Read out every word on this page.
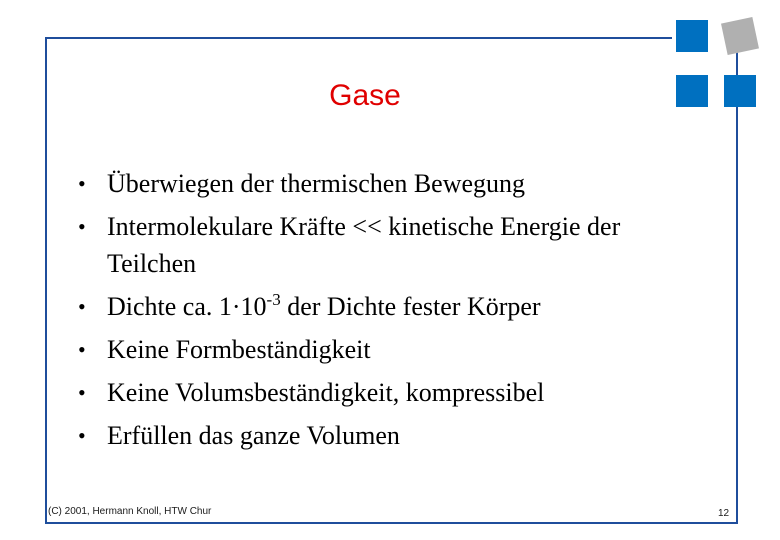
Gase
• Überwiegen der thermischen Bewegung
• Intermolekulare Kräfte << kinetische Energie der
Teilchen
• Dichte ca. $1\cdot 10^{-3}$ der Dichte fester Körper
• Keine Formbeständigkeit
• Keine Volumsbeständigkeit, kompressibel
• Erfüllen das ganze Volumen
(C) 2001, Hermann Knoll, HTW Chur	12
